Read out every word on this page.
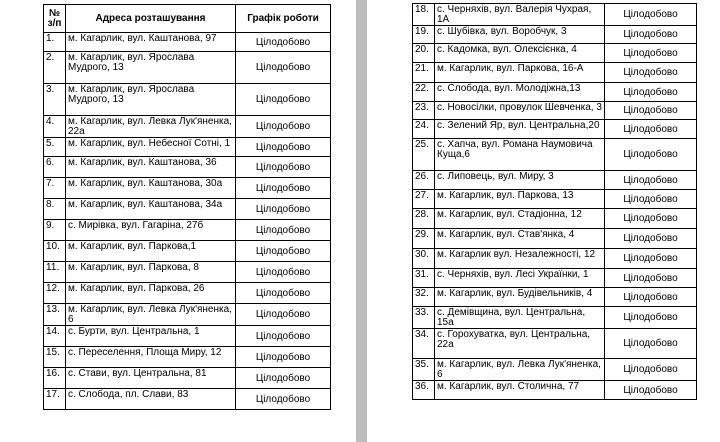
№ з/п	Адреса розташування	Графік роботи
1.	м. Кагарлик, вул. Каштанова, 97	Цілодобово
2.	м. Кагарлик, вул. Ярослава Мудрого, 13	Цілодобово
3.	м. Кагарлик, вул. Ярослава Мудрого, 13	Цілодобово
4.	м. Кагарлик, вул. Левка Лук'яненка, 22а	Цілодобово
5.	м. Кагарлик, вул. Небесної Сотні, 1	Цілодобово
6.	м. Кагарлик, вул. Каштанова, 36	Цілодобово
7.	м. Кагарлик, вул. Каштанова, 30а	Цілодобово
8.	м. Кагарлик, вул. Каштанова, 34а	Цілодобово
9.	с. Мирівка, вул. Гагаріна, 27б	Цілодобово
10.	м. Кагарлик, вул. Паркова,1	Цілодобово
11.	м. Кагарлик, вул. Паркова, 8	Цілодобово
12.	м. Кагарлик, вул. Паркова, 26	Цілодобово
13.	м. Кагарлик, вул. Левка Лук'яненка, 6	Цілодобово
14.	с. Бурти, вул. Центральна, 1	Цілодобово
15.	с. Переселення, Площа Миру, 12	Цілодобово
16.	с. Стави, вул. Центральна, 81	Цілодобово
17.	с. Слобода, пл. Слави, 83	Цілодобово
18.	с. Черняхів, вул. Валерія Чухрая, 1А	Цілодобово
19.	с. Шубівка, вул. Воробчук, 3	Цілодобово
20.	с. Кадомка, вул. Олексієнка, 4	Цілодобово
21.	м. Кагарлик, вул. Паркова, 16-А	Цілодобово
22.	с. Слобода, вул. Молодіжна,13	Цілодобово
23.	с. Новосілки, провулок Шевченка, 3	Цілодобово
24.	с. Зелений Яр, вул. Центральна,20	Цілодобово
25.	с. Хапча, вул. Романа Наумовича Куща,6	Цілодобово
26.	с. Липовець, вул. Миру, 3	Цілодобово
27.	м. Кагарлик, вул. Паркова, 13	Цілодобово
28.	м. Кагарлик, вул. Стадіонна, 12	Цілодобово
29.	м. Кагарлик, вул. Став'янка, 4	Цілодобово
30.	м. Кагарлик вул. Незалежності, 12	Цілодобово
31.	с. Черняхів, вул. Лесі Українки, 1	Цілодобово
32.	м. Кагарлик, вул. Будівельників, 4	Цілодобово
33.	с. Демівщина, вул. Центральна, 15а	Цілодобово
34.	с. Горохуватка, вул. Центральна, 22а	Цілодобово
35.	м. Кагарлик, вул. Левка Лук'яненка, 6	Цілодобово
36.	м. Кагарлик, вул. Столична, 77	Цілодобово
